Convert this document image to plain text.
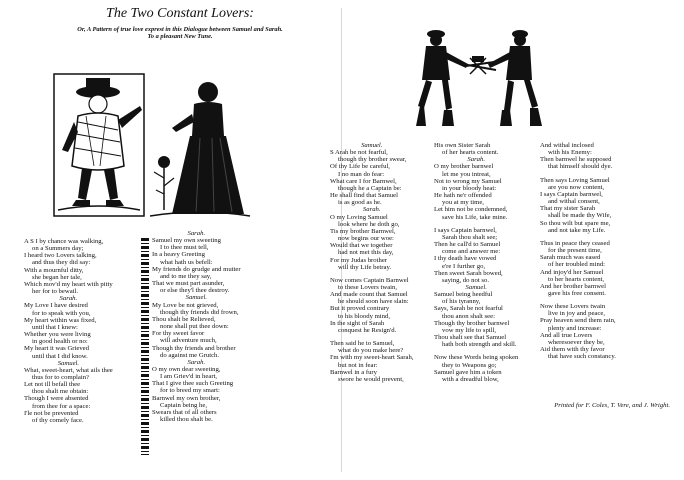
The Two Constant Lovers:
Or, A Pattern of true love exprest in this Dialogue between Samuel and Sarah.
To a pleasant New Tune.
A S I by chance was walking,
on a Summers day;
I heard two Lovers talking,
and thus they did say:
With a mournful ditty,
she began her tale,
Which mov'd my heart with pitty
her for to bewail.
Sarah.
My Love I have desired
for to speak with you,
My heart within was fixed,
until that I knew:
Whether you were living
in good health or no:
My heart it was Grieved
until that I did know.
Samuel.
What, sweet-heart, what ails thee
thus for to complain?
Let not ill befall thee
thou shalt me obtain:
Though I were absented
from thee for a space:
I'le not be prevented
of thy comely face.
Sarah.
Samuel my own sweeting
I to thee must tell,
In a heavy Greeting
what hath us befell:
My friends do grudge and mutter
and to me they say,
That we must part asunder,
or else they'l thee destroy.
Samuel.
My Love be not grieved,
though thy friends did frown,
Thou shalt be Relieved,
none shall put thee down:
For thy sweet favor
will adventure much,
Though thy friends and brother
do against me Grutch.
Sarah.
O my own dear sweeting,
I am Griev'd in heart,
That I give thee such Greeting
for to breed my smart:
Barnwel my own brother,
Captain being he,
Swears that of all others
killed thou shalt be.
Samuel.
S Arah be not fearful,
though thy brother swear,
Of thy Life be careful,
I no man do fear:
What care I for Barnwel,
though he a Captain be:
He shall find that Samuel
is as good as he.
Sarah.
O my Loving Samuel
look where he doth go,
Tis my brother Barnwel,
now begins our woe:
Would that we together
had not met this day,
For my Judas brother
will thy Life betray.
Now comes Captain Barnwel
to these Lovers twain,
And made count that Samuel
he should soon have slain:
But it proved contrary
to his bloody mind,
In the sight of Sarah
conquest he Resign'd.
Then said he to Samuel,
what do you make here?
I'm with my sweet-heart Sarah,
but not in fear:
Barnwel in a fury
swore he would prevent,
His own Sister Sarah
of her hearts content.
Sarah.
O my brother barnwel
let me you intreat,
Not to wrong my Samuel
in your bloody heat:
He hath ne'r offended
you at my time,
Let him not be condemned,
save his Life, take mine.
I says Captain barnwel,
Sarah thou shalt see;
Then he call'd to Samuel
come and answer me:
I thy death have vowed
e're I further go,
Then sweet Sarah bowed,
saying, do not so.
Samuel.
Samuel being heedful
of his tyranny,
Says, Sarah be not fearful
thou anon shalt see:
Though thy brother barnwel
vow my life to spill,
Thou shalt see that Samuel
hath both strength and skill.
Now these Words being spoken
they to Weapons go;
Samuel gave him a token
with a dreadful blow,
And withal inclosed
with his Enemy:
Then barnwel he supposed
that himself should dye.
Then says Loving Samuel
are you now content,
I says Captain barnwel,
and withal consent,
That my sister Sarah
shall be made thy Wife,
So thou wilt but spare me,
and not take my Life.
Thus in peace they ceased
for the present time,
Sarah much was eased
of her troubled mind:
And injoy'd her Samuel
to her hearts content,
And her brother barnwel
gave his free consent.
Now these Lovers twain
live in joy and peace,
Pray heaven send them rain,
plenty and increase:
And all true Lovers
wheresoever they be,
Aid them with thy favor
that have such constancy.
Printed for F. Coles, T. Vere, and J. Wright.
